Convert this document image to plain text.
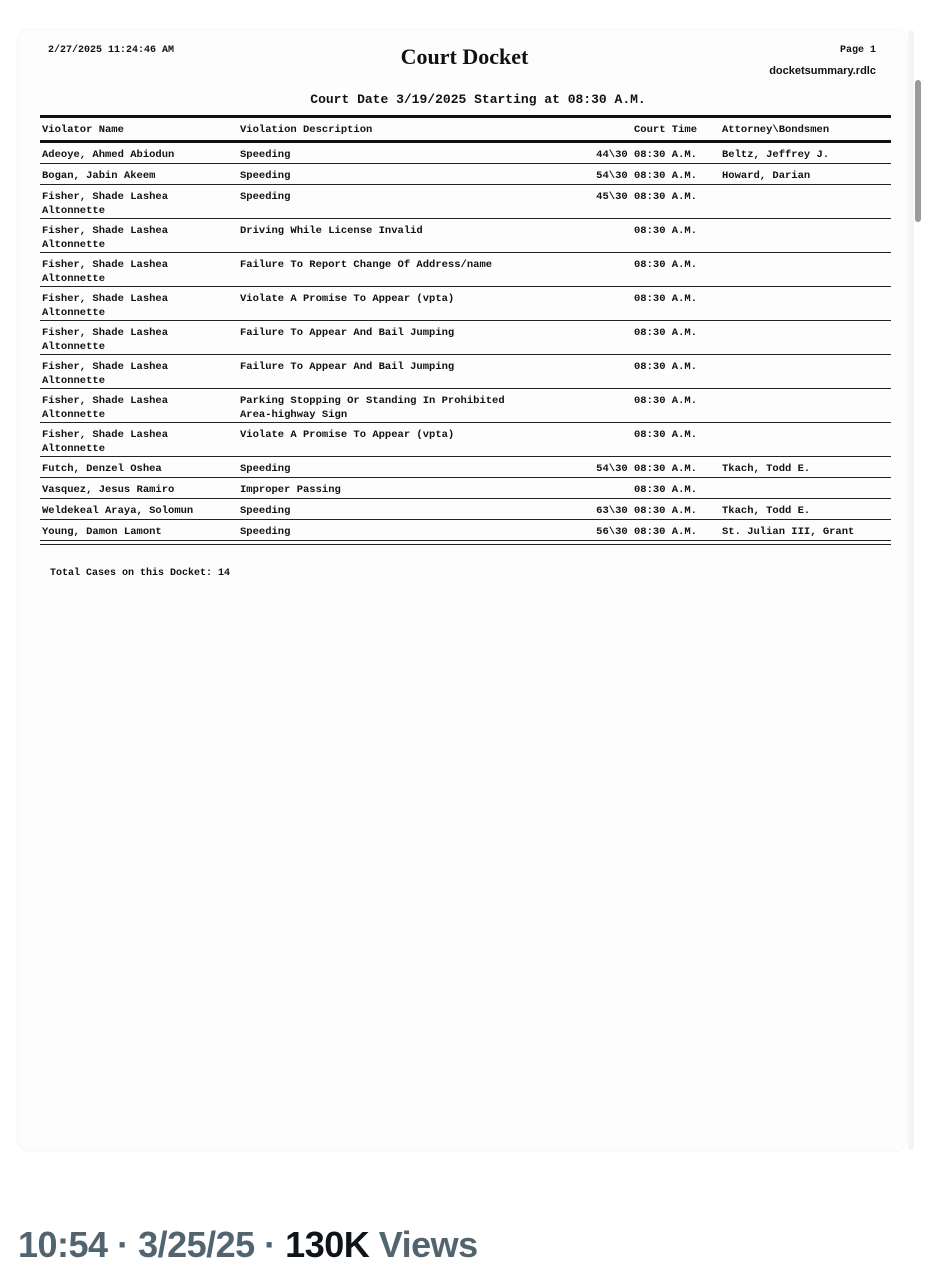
2/27/2025 11:24:46 AM	Court Docket	Page 1
docketsummary.rdlc
Court Date 3/19/2025 Starting at 08:30 A.M.
Violator Name	Violation Description	Court Time Attorney\Bondsmen
Adeoye, Ahmed Abiodun	Speeding	44\30 08:30 A.M. Beltz, Jeffrey J.
Bogan, Jabin Akeem	Speeding	54\30 08:30 A.M. Howard, Darian
Fisher, Shade Lashea
Altonnette
Speeding	45\30 08:30 A.M.
Fisher, Shade Lashea
Altonnette
Driving While License Invalid	08:30 A.M.
Fisher, Shade Lashea
Altonnette
Failure To Report Change Of Address/name	08:30 A.M.
Fisher, Shade Lashea
Altonnette
Violate A Promise To Appear (vpta)	08:30 A.M.
Fisher, Shade Lashea
Altonnette
Failure To Appear And Bail Jumping	08:30 A.M.
Fisher, Shade Lashea
Altonnette
Failure To Appear And Bail Jumping	08:30 A.M.
Fisher, Shade Lashea
Altonnette
Parking Stopping Or Standing In Prohibited
Area-highway Sign
08:30 A.M.
Fisher, Shade Lashea
Altonnette
Violate A Promise To Appear (vpta)	08:30 A.M.
Futch, Denzel Oshea	Speeding	54\30 08:30 A.M. Tkach, Todd E.
Vasquez, Jesus Ramiro	Improper Passing	08:30 A.M.
Weldekeal Araya, Solomun	Speeding	63\30 08:30 A.M. Tkach, Todd E.
Young, Damon Lamont	Speeding	56\30 08:30 A.M. St. Julian III, Grant
Total Cases on this Docket: 14
10:54 · 3/25/25 · 130K Views
